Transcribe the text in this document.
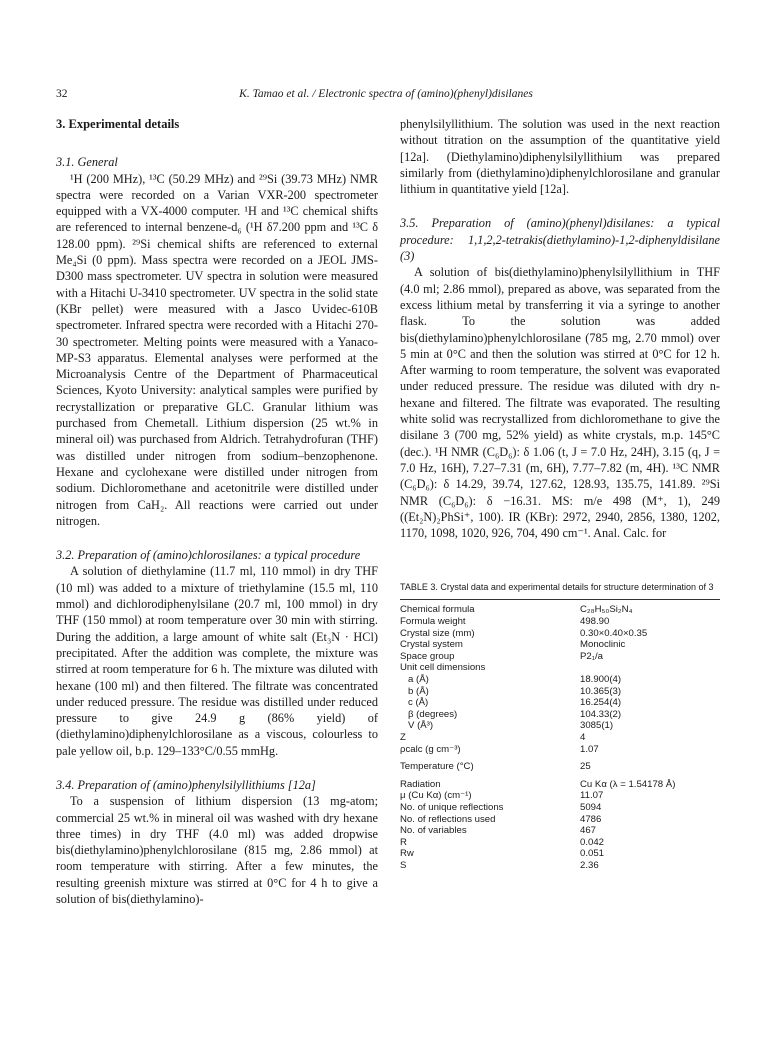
32	K. Tamao et al. / Electronic spectra of (amino)(phenyl)disilanes
3. Experimental details
3.1. General

¹H (200 MHz), ¹³C (50.29 MHz) and ²⁹Si (39.73 MHz) NMR spectra were recorded on a Varian VXR-200 spectrometer equipped with a VX-4000 computer. ¹H and ¹³C chemical shifts are referenced to internal benzene-d₆ (¹H δ7.200 ppm and ¹³C δ 128.00 ppm). ²⁹Si chemical shifts are referenced to external Me₄Si (0 ppm). Mass spectra were recorded on a JEOL JMS-D300 mass spectrometer. UV spectra in solution were measured with a Hitachi U-3410 spectrometer. UV spectra in the solid state (KBr pellet) were measured with a Jasco Uvidec-610B spectrometer. Infrared spectra were recorded with a Hitachi 270-30 spectrometer. Melting points were measured with a Yanaco-MP-S3 apparatus. Elemental analyses were performed at the Microanalysis Centre of the Department of Pharmaceutical Sciences, Kyoto University: analytical samples were purified by recrystallization or preparative GLC. Granular lithium was purchased from Chemetall. Lithium dispersion (25 wt.% in mineral oil) was purchased from Aldrich. Tetrahydrofuran (THF) was distilled under nitrogen from sodium–benzophenone. Hexane and cyclohexane were distilled under nitrogen from sodium. Dichloromethane and acetonitrile were distilled under nitrogen from CaH₂. All reactions were carried out under nitrogen.

3.2. Preparation of (amino)chlorosilanes: a typical procedure

A solution of diethylamine (11.7 ml, 110 mmol) in dry THF (10 ml) was added to a mixture of triethylamine (15.5 ml, 110 mmol) and dichlorodiphenylsilane (20.7 ml, 100 mmol) in dry THF (150 mmol) at room temperature over 30 min with stirring. During the addition, a large amount of white salt (Et₃N · HCl) precipitated. After the addition was complete, the mixture was stirred at room temperature for 6 h. The mixture was diluted with hexane (100 ml) and then filtered. The filtrate was concentrated under reduced pressure. The residue was distilled under reduced pressure to give 24.9 g (86% yield) of (diethylamino)diphenylchlorosilane as a viscous, colourless to pale yellow oil, b.p. 129–133°C/0.55 mmHg.

3.4. Preparation of (amino)phenylsilyllithiums [12a]

To a suspension of lithium dispersion (13 mg-atom; commercial 25 wt.% in mineral oil was washed with dry hexane three times) in dry THF (4.0 ml) was added dropwise bis(diethylamino)phenylchlorosilane (815 mg, 2.86 mmol) at room temperature with stirring. After a few minutes, the resulting greenish mixture was stirred at 0°C for 4 h to give a solution of bis(diethylamino)-

phenylsilyllithium. The solution was used in the next reaction without titration on the assumption of the quantitative yield [12a]. (Diethylamino)diphenylsilyllithium was prepared similarly from (diethylamino)diphenylchlorosilane and granular lithium in quantitative yield [12a].

3.5. Preparation of (amino)(phenyl)disilanes: a typical procedure: 1,1,2,2-tetrakis(diethylamino)-1,2-diphenyldisilane (3)

A solution of bis(diethylamino)phenylsilyllithium in THF (4.0 ml; 2.86 mmol), prepared as above, was separated from the excess lithium metal by transferring it via a syringe to another flask. To the solution was added bis(diethylamino)phenylchlorosilane (785 mg, 2.70 mmol) over 5 min at 0°C and then the solution was stirred at 0°C for 12 h. After warming to room temperature, the solvent was evaporated under reduced pressure. The residue was diluted with dry n-hexane and filtered. The filtrate was evaporated. The resulting white solid was recrystallized from dichloromethane to give the disilane 3 (700 mg, 52% yield) as white crystals, m.p. 145°C (dec.). ¹H NMR (C₆D₆): δ 1.06 (t, J = 7.0 Hz, 24H), 3.15 (q, J = 7.0 Hz, 16H), 7.27–7.31 (m, 6H), 7.77–7.82 (m, 4H). ¹³C NMR (C₆D₆): δ 14.29, 39.74, 127.62, 128.93, 135.75, 141.89. ²⁹Si NMR (C₆D₆): δ −16.31. MS: m/e 498 (M⁺, 1), 249 ((Et₂N)₂PhSi⁺, 100). IR (KBr): 2972, 2940, 2856, 1380, 1202, 1170, 1098, 1020, 926, 704, 490 cm⁻¹. Anal. Calc. for

TABLE 3. Crystal data and experimental details for structure determination of 3
Chemical formula	C₂₈H₅₀Si₂N₄
Formula weight	498.90
Crystal size (mm)	0.30×0.40×0.35
Crystal system	Monoclinic
Space group	P2₁/a
Unit cell dimensions	
a (Å)	18.900(4)
b (Å)	10.365(3)
c (Å)	16.254(4)
β (degrees)	104.33(2)
V (Å³)	3085(1)
Z	4
ρcalc (g cm⁻³)	1.07
Temperature (°C)	25
Radiation	Cu Kα (λ = 1.54178 Å)
μ (Cu Kα) (cm⁻¹)	11.07
No. of unique reflections	5094
No. of reflections used	4786
No. of variables	467
R	0.042
Rw	0.051
S	2.36
